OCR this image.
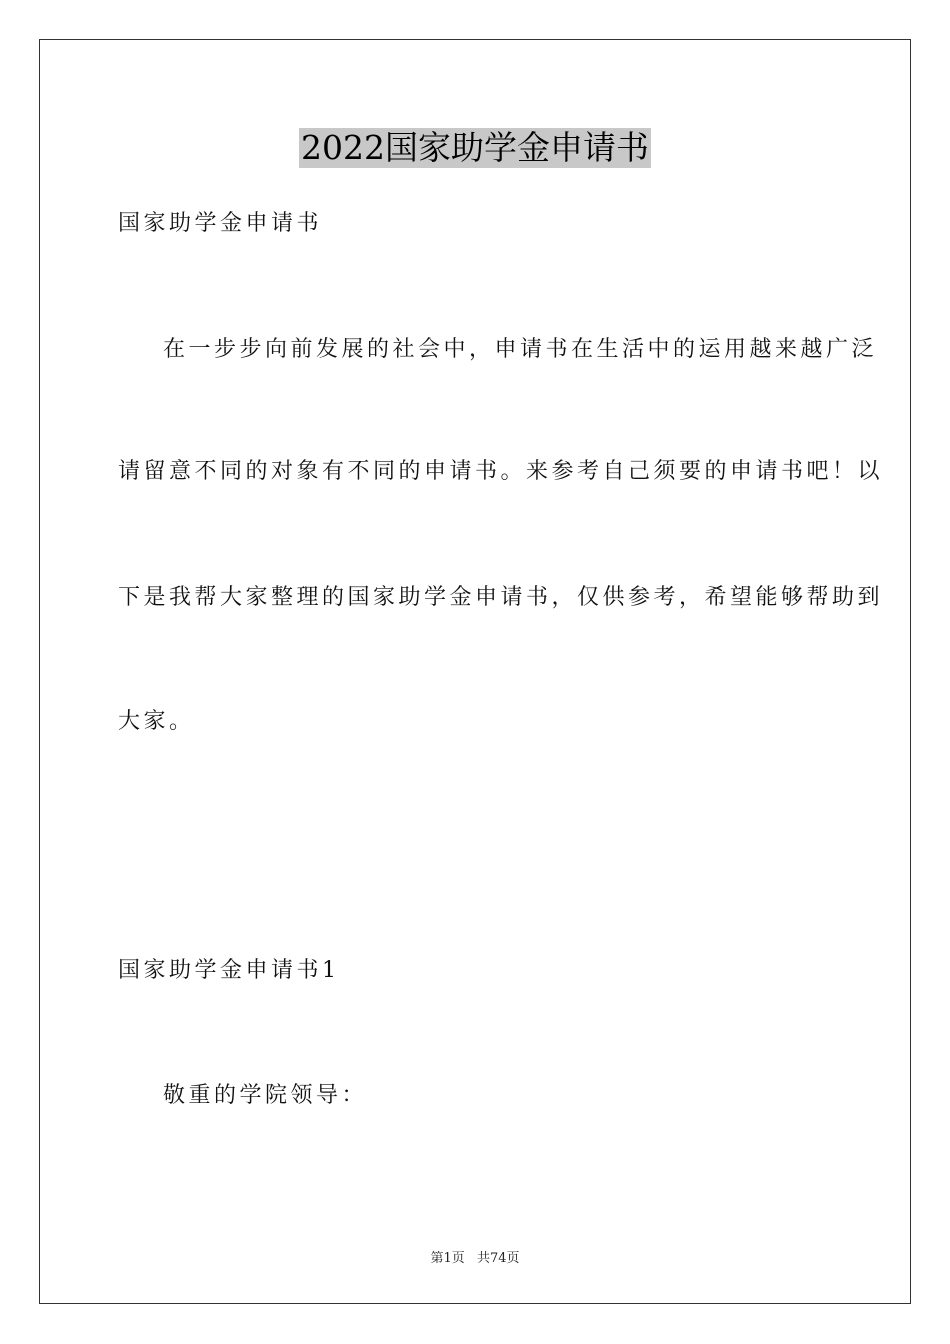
2022国家助学金申请书
国家助学金申请书
在一步步向前发展的社会中，申请书在生活中的运用越来越广泛
请留意不同的对象有不同的申请书。来参考自己须要的申请书吧！以
下是我帮大家整理的国家助学金申请书，仅供参考，希望能够帮助到
大家。
国家助学金申请书1
敬重的学院领导：
第1页 共74页
